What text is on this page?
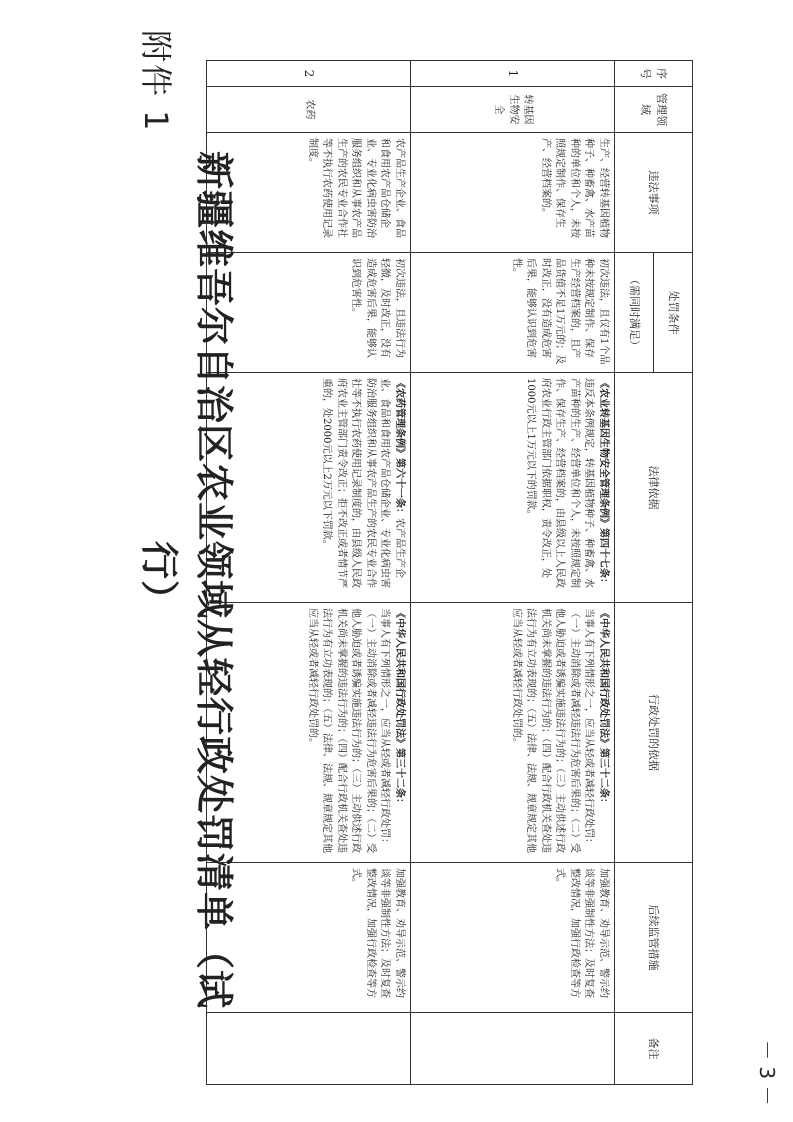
－ 3 －
序号	管理领域	违法事项	处罚条件	法律依据	行政处罚的依据	后续监管措施	备注
			（需同时满足）				
1	转基因生物安全	生产、经营转基因植物种子、种畜禽、水产苗种的单位和个人，未按照规定制作、保存生产、经营档案的。	初次违法，且仅有1个品种未按规定制作、保存生产经营档案的，且产品货值不足1万元的；及时改正，没有造成危害后果，能够认识到危害性。	《农业转基因生物安全管理条例》第四十七条：违反本条例规定，转基因植物种子、种畜禽、水产苗种的生产、经营单位和个人，未按照规定制作、保存生产、经营档案的，由县级以上人民政府农业行政主管部门依据职权，责令改正，处1000元以上1万元以下的罚款。	《中华人民共和国行政处罚法》第三十二条：
当事人有下列情形之一，应当从轻或者减轻行政处罚：（一）主动消除或者减轻违法行为危害后果的；（二）受他人胁迫或者诱骗实施违法行为的；（三）主动供述行政机关尚未掌握的违法行为的；（四）配合行政机关查处违法行为有立功表现的；（五）法律、法规、规章规定其他应当从轻或者减轻行政处罚的。	加强教育、劝导示范、警示约谈等非强制性方法；及时复查整改情况，加强行政检查等方式。	
2	农药	农产品生产企业、食品和食用农产品仓储企业、专业化病虫害防治服务组织和从事农产品生产的农民专业合作社等不执行农药使用记录制度。	初次违法，且违法行为轻微，及时改正，没有造成危害后果，能够认识到危害性。	《农药管理条例》第六十一条：农产品生产企业、食品和食用农产品仓储企业、专业化病虫害防治服务组织和从事农产品生产的农民专业合作社等不执行农药使用记录制度的，由县级人民政府农业主管部门责令改正；拒不改正或者情节严重的，处2000元以上2万元以下罚款。	《中华人民共和国行政处罚法》第三十二条：
当事人有下列情形之一，应当从轻或者减轻行政处罚：（一）主动消除或者减轻违法行为危害后果的；（二）受他人胁迫或者诱骗实施违法行为的；（三）主动供述行政机关尚未掌握的违法行为的；（四）配合行政机关查处违法行为有立功表现的；（五）法律、法规、规章规定其他应当从轻或者减轻行政处罚的。	加强教育、劝导示范、警示约谈等非强制性方法；及时复查整改情况，加强行政检查等方式。	
新疆维吾尔自治区农业领域从轻行政处罚清单（试行）
附件 1
